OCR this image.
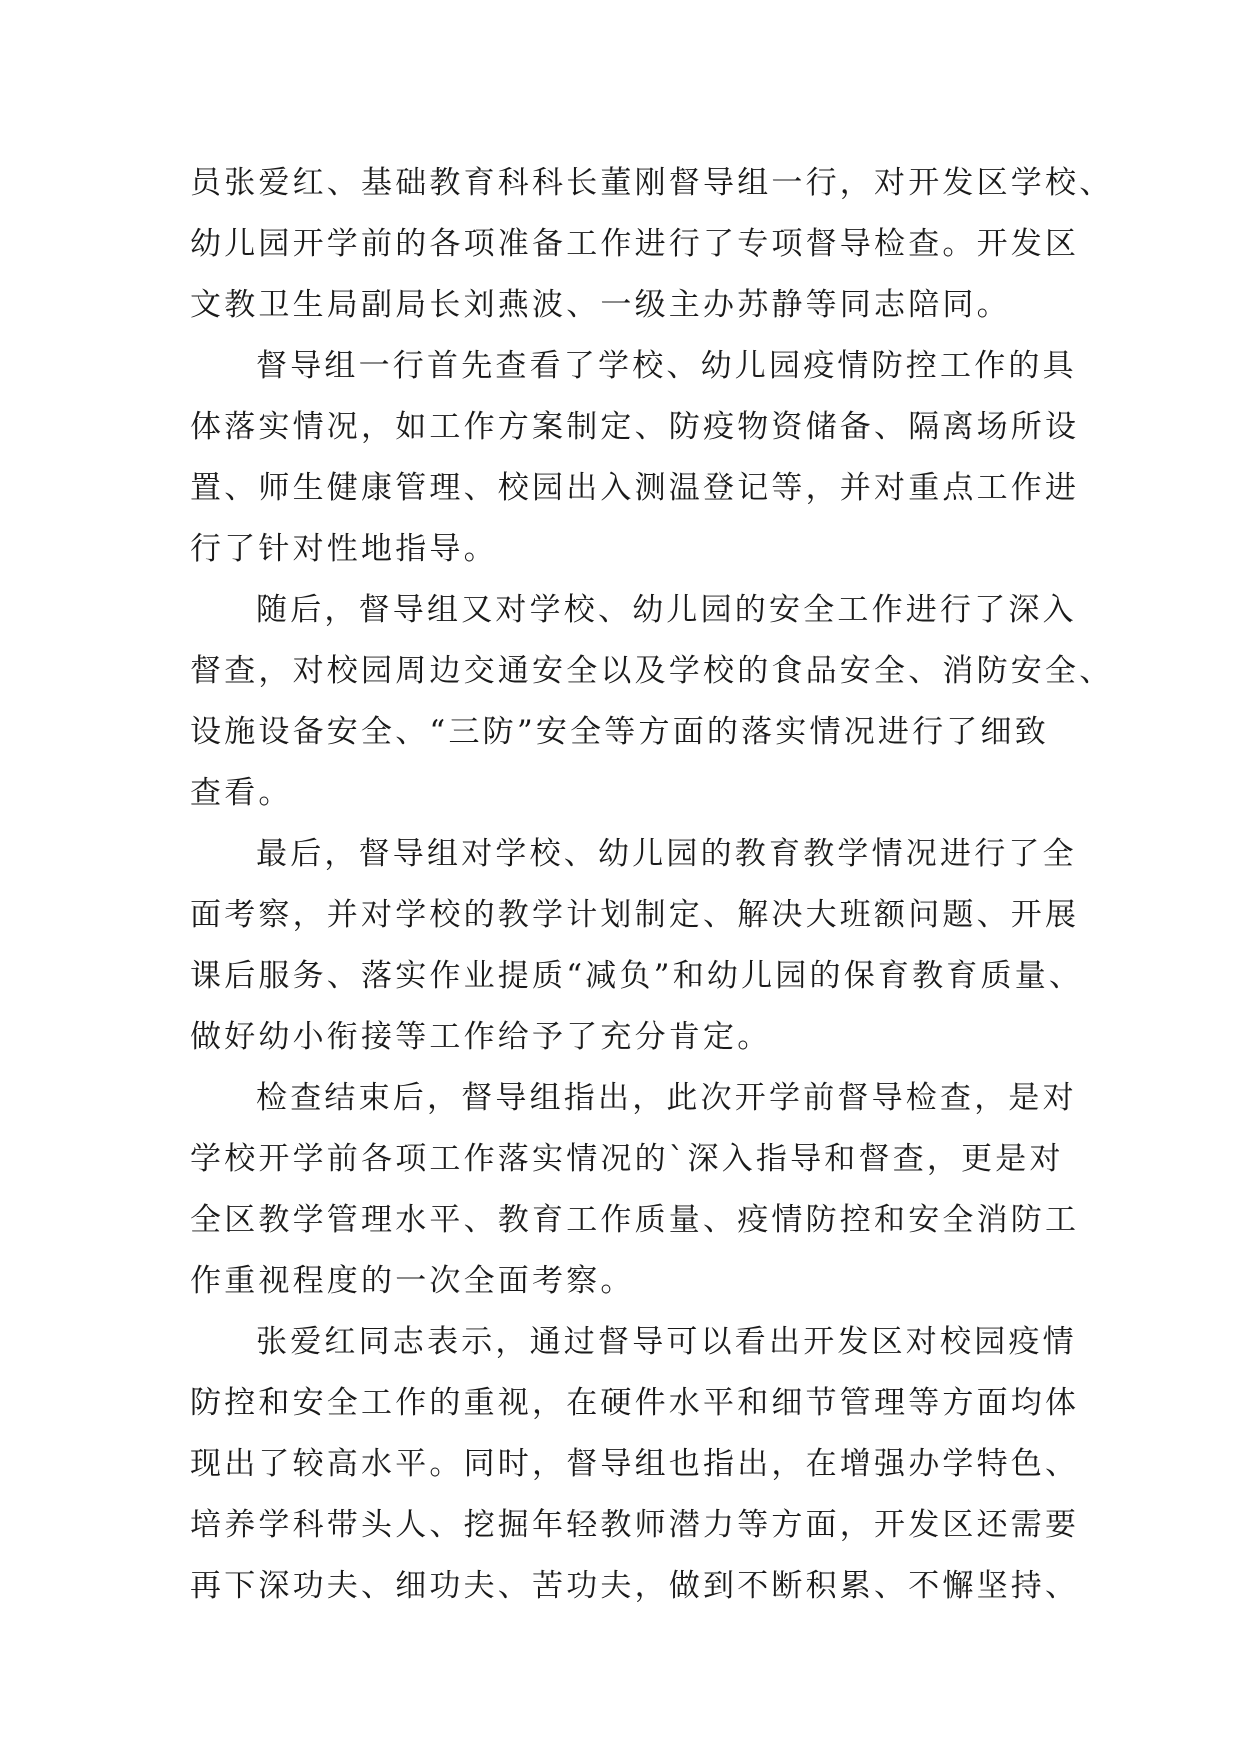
员张爱红、基础教育科科长董刚督导组一行，对开发区学校、
幼儿园开学前的各项准备工作进行了专项督导检查。开发区
文教卫生局副局长刘燕波、一级主办苏静等同志陪同。
督导组一行首先查看了学校、幼儿园疫情防控工作的具
体落实情况，如工作方案制定、防疫物资储备、隔离场所设
置、师生健康管理、校园出入测温登记等，并对重点工作进
行了针对性地指导。
随后，督导组又对学校、幼儿园的安全工作进行了深入
督查，对校园周边交通安全以及学校的食品安全、消防安全、
设施设备安全、“三防”安全等方面的落实情况进行了细致
查看。
最后，督导组对学校、幼儿园的教育教学情况进行了全
面考察，并对学校的教学计划制定、解决大班额问题、开展
课后服务、落实作业提质“减负”和幼儿园的保育教育质量、
做好幼小衔接等工作给予了充分肯定。
检查结束后，督导组指出，此次开学前督导检查，是对
学校开学前各项工作落实情况的`深入指导和督查，更是对
全区教学管理水平、教育工作质量、疫情防控和安全消防工
作重视程度的一次全面考察。
张爱红同志表示，通过督导可以看出开发区对校园疫情
防控和安全工作的重视，在硬件水平和细节管理等方面均体
现出了较高水平。同时，督导组也指出，在增强办学特色、
培养学科带头人、挖掘年轻教师潜力等方面，开发区还需要
再下深功夫、细功夫、苦功夫，做到不断积累、不懈坚持、
